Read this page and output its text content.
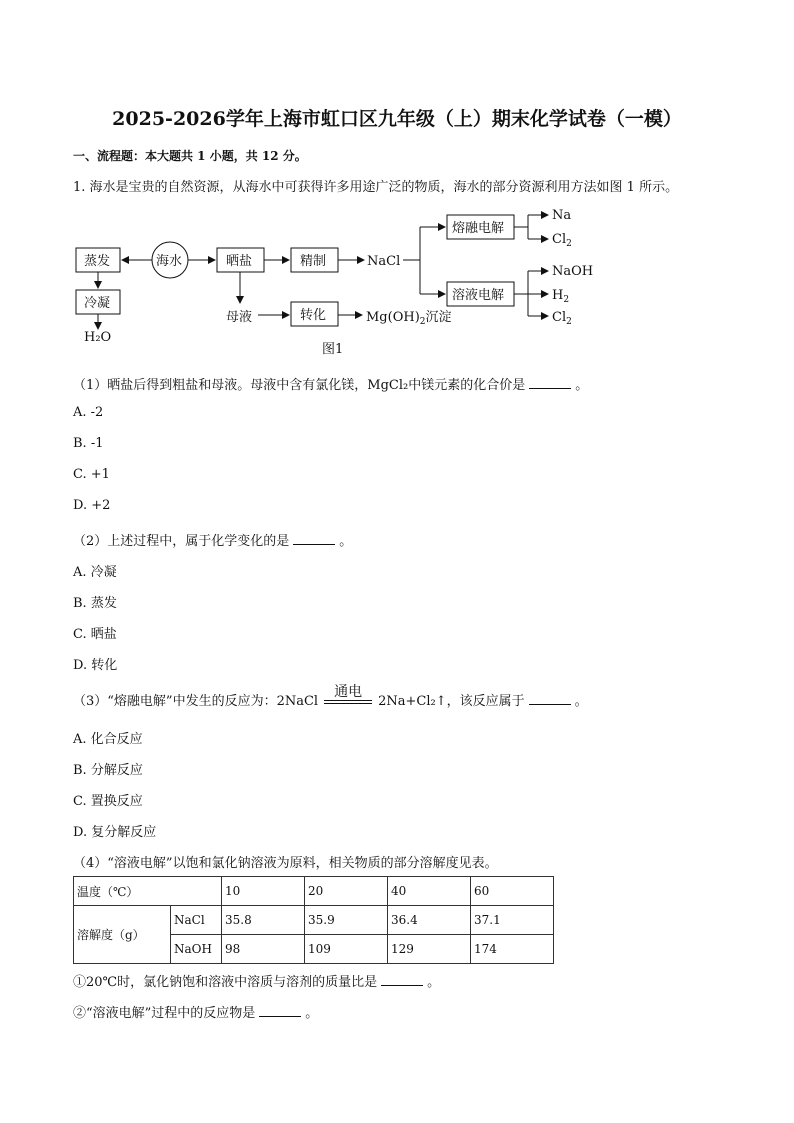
2025-2026学年上海市虹口区九年级（上）期末化学试卷（一模）
一、流程题：本大题共 1 小题，共 12 分。
1. 海水是宝贵的自然资源，从海水中可获得许多用途广泛的物质，海水的部分资源利用方法如图 1 所示。
蒸发	海水	晒盐	精制	NaCl
熔融电解
溶液电解
冷凝
H₂O
母液	转化	$Mg(OH)_2$沉淀
Na
$Cl_2$
NaOH
$H_2$
$Cl_2$
图1
（1）晒盐后得到粗盐和母液。母液中含有氯化镁，MgCl₂中镁元素的化合价是	。
A. -2
B. -1
C. +1
D. +2
（2）上述过程中，属于化学变化的是	。
A. 冷凝
B. 蒸发
C. 晒盐
D. 转化
（3）“熔融电解”中发生的反应为：2NaCl
通电
2Na+Cl₂↑，该反应属于	。
A. 化合反应
B. 分解反应
C. 置换反应
D. 复分解反应
（4）“溶液电解”以饱和氯化钠溶液为原料，相关物质的部分溶解度见表。
温度（℃）		10	20	40	60
溶解度（g）	NaCl	35.8	35.9	36.4	37.1
	NaOH	98	109	129	174
①20℃时，氯化钠饱和溶液中溶质与溶剂的质量比是	。
②“溶液电解”过程中的反应物是	。
